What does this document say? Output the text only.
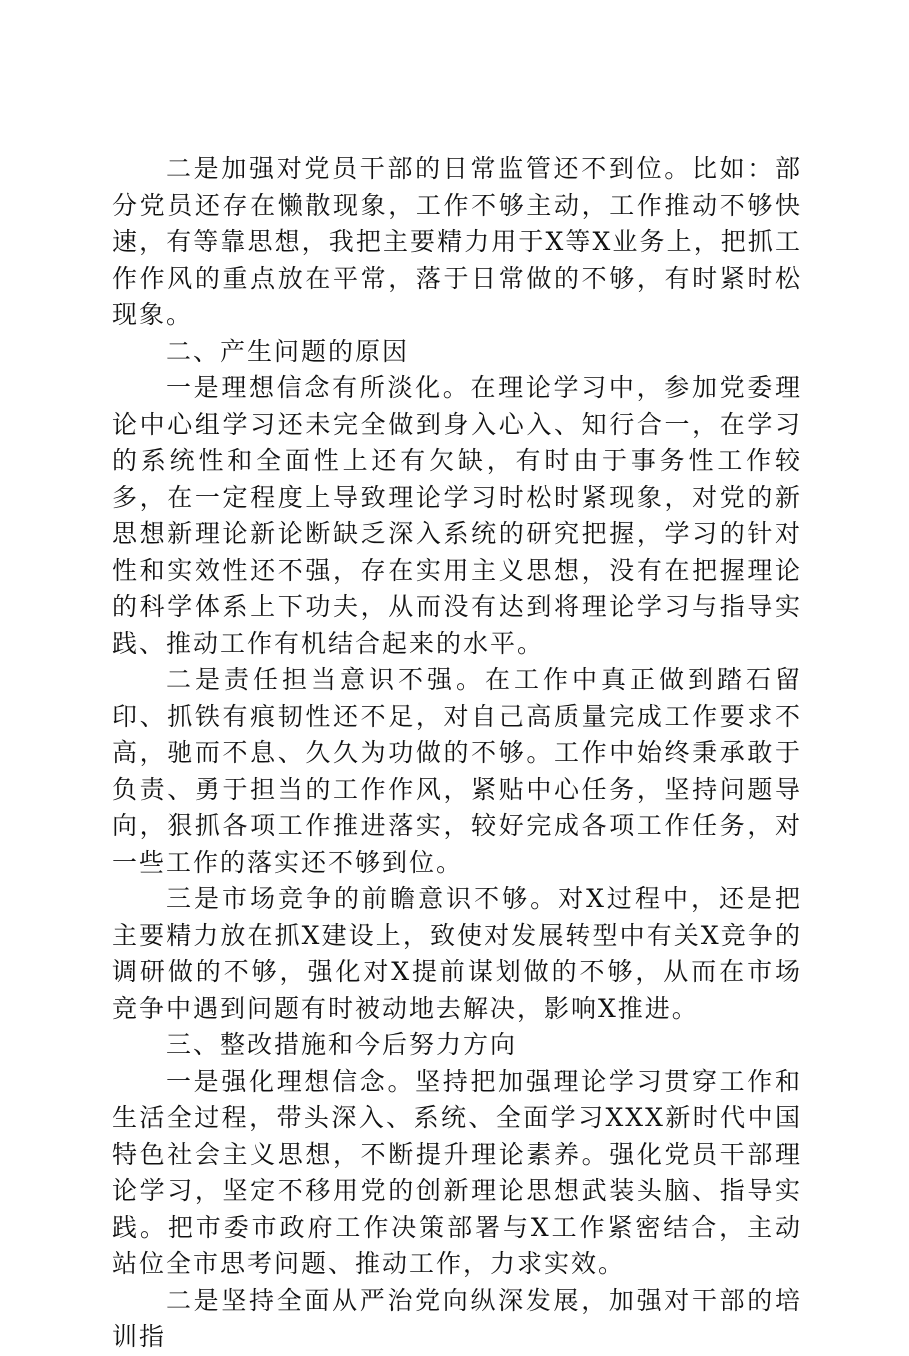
二是加强对党员干部的日常监管还不到位。比如：部分党员还存在懒散现象，工作不够主动，工作推动不够快速，有等靠思想，我把主要精力用于X等X业务上，把抓工作作风的重点放在平常，落于日常做的不够，有时紧时松现象。

二、产生问题的原因

一是理想信念有所淡化。在理论学习中，参加党委理论中心组学习还未完全做到身入心入、知行合一，在学习的系统性和全面性上还有欠缺，有时由于事务性工作较多，在一定程度上导致理论学习时松时紧现象，对党的新思想新理论新论断缺乏深入系统的研究把握，学习的针对性和实效性还不强，存在实用主义思想，没有在把握理论的科学体系上下功夫，从而没有达到将理论学习与指导实践、推动工作有机结合起来的水平。

二是责任担当意识不强。在工作中真正做到踏石留印、抓铁有痕韧性还不足，对自己高质量完成工作要求不高，驰而不息、久久为功做的不够。工作中始终秉承敢于负责、勇于担当的工作作风，紧贴中心任务，坚持问题导向，狠抓各项工作推进落实，较好完成各项工作任务，对一些工作的落实还不够到位。

三是市场竞争的前瞻意识不够。对X过程中，还是把主要精力放在抓X建设上，致使对发展转型中有关X竞争的调研做的不够，强化对X提前谋划做的不够，从而在市场竞争中遇到问题有时被动地去解决，影响X推进。

三、整改措施和今后努力方向

一是强化理想信念。坚持把加强理论学习贯穿工作和生活全过程，带头深入、系统、全面学习XXX新时代中国特色社会主义思想，不断提升理论素养。强化党员干部理论学习，坚定不移用党的创新理论思想武装头脑、指导实践。把市委市政府工作决策部署与X工作紧密结合，主动站位全市思考问题、推动工作，力求实效。

二是坚持全面从严治党向纵深发展，加强对干部的培训指
